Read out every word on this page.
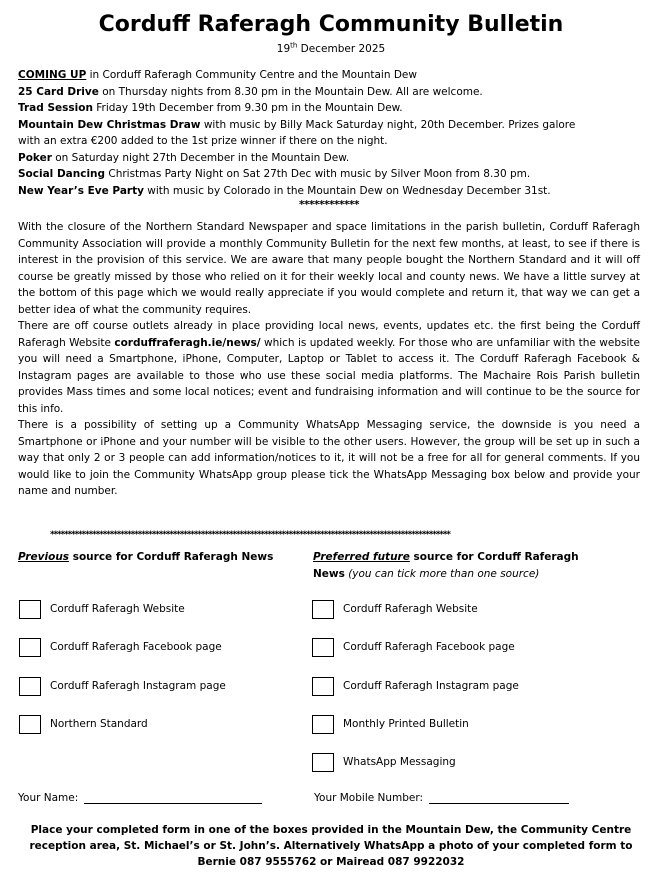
Corduff Raferagh Community Bulletin
19th December 2025

COMING UP in Corduff Raferagh Community Centre and the Mountain Dew

25 Card Drive on Thursday nights from 8.30 pm in the Mountain Dew. All are welcome.

Trad Session Friday 19th December from 9.30 pm in the Mountain Dew.

Mountain Dew Christmas Draw with music by Billy Mack Saturday night, 20th December. Prizes galore

with an extra €200 added to the 1st prize winner if there on the night.

Poker on Saturday night 27th December in the Mountain Dew.

Social Dancing Christmas Party Night on Sat 27th Dec with music by Silver Moon from 8.30 pm.

New Year’s Eve Party with music by Colorado in the Mountain Dew on Wednesday December 31st.

************

With the closure of the Northern Standard Newspaper and space limitations in the parish bulletin, Corduff Raferagh Community Association will provide a monthly Community Bulletin for the next few months, at least, to see if there is interest in the provision of this service. We are aware that many people bought the Northern Standard and it will off course be greatly missed by those who relied on it for their weekly local and county news. We have a little survey at the bottom of this page which we would really appreciate if you would complete and return it, that way we can get a better idea of what the community requires.

There are off course outlets already in place providing local news, events, updates etc. the first being the Corduff Raferagh Website corduffraferagh.ie/news/ which is updated weekly. For those who are unfamiliar with the website you will need a Smartphone, iPhone, Computer, Laptop or Tablet to access it. The Corduff Raferagh Facebook & Instagram pages are available to those who use these social media platforms. The Machaire Rois Parish bulletin provides Mass times and some local notices; event and fundraising information and will continue to be the source for this info.

There is a possibility of setting up a Community WhatsApp Messaging service, the downside is you need a Smartphone or iPhone and your number will be visible to the other users. However, the group will be set up in such a way that only 2 or 3 people can add information/notices to it, it will not be a free for all for general comments. If you would like to join the Community WhatsApp group please tick the WhatsApp Messaging box below and provide your name and number.

******************************************************************************************************************
Previous source for Corduff Raferagh News	Preferred future source for Corduff Raferagh
News (you can tick more than one source)
Corduff Raferagh Website
Corduff Raferagh Facebook page
Corduff Raferagh Instagram page
Northern Standard
Corduff Raferagh Website
Corduff Raferagh Facebook page
Corduff Raferagh Instagram page
Monthly Printed Bulletin
WhatsApp Messaging
Your Name:	Your Mobile Number:
Place your completed form in one of the boxes provided in the Mountain Dew, the Community Centre reception area, St. Michael’s or St. John’s. Alternatively WhatsApp a photo of your completed form to Bernie 087 9555762 or Mairead 087 9922032
